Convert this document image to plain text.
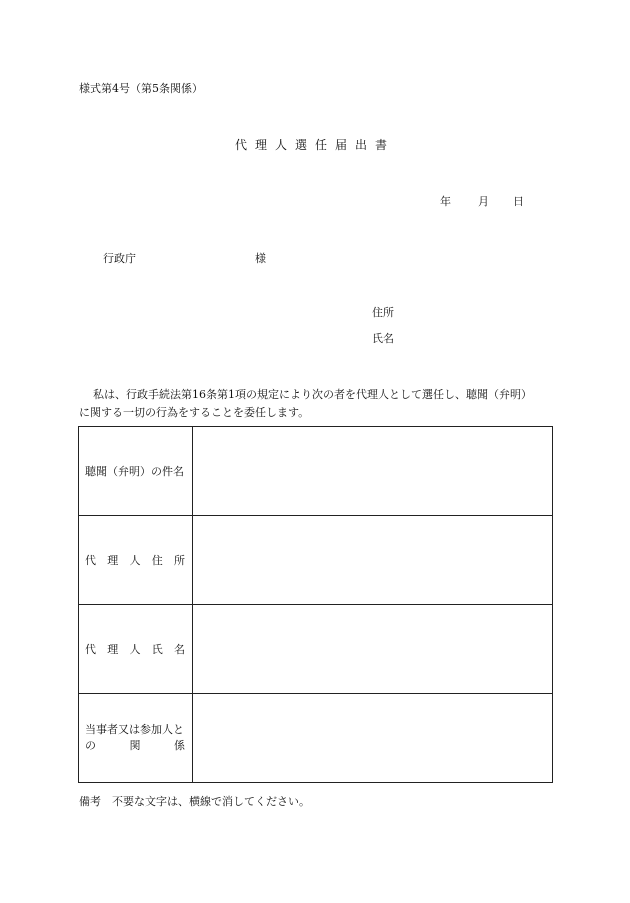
様式第4号（第5条関係）
代理人選任届出書
年 月 日
行政庁	様
住所
氏名
私は、行政手続法第16条第1項の規定により次の者を代理人として選任し、聴聞（弁明）
に関する一切の行為をすることを委任します。
聴聞（弁明）の件名	

代 理 人 住 所	

代 理 人 氏 名	

当事者又は参加人と
の 関 係	

備考　不要な文字は、横線で消してください。
